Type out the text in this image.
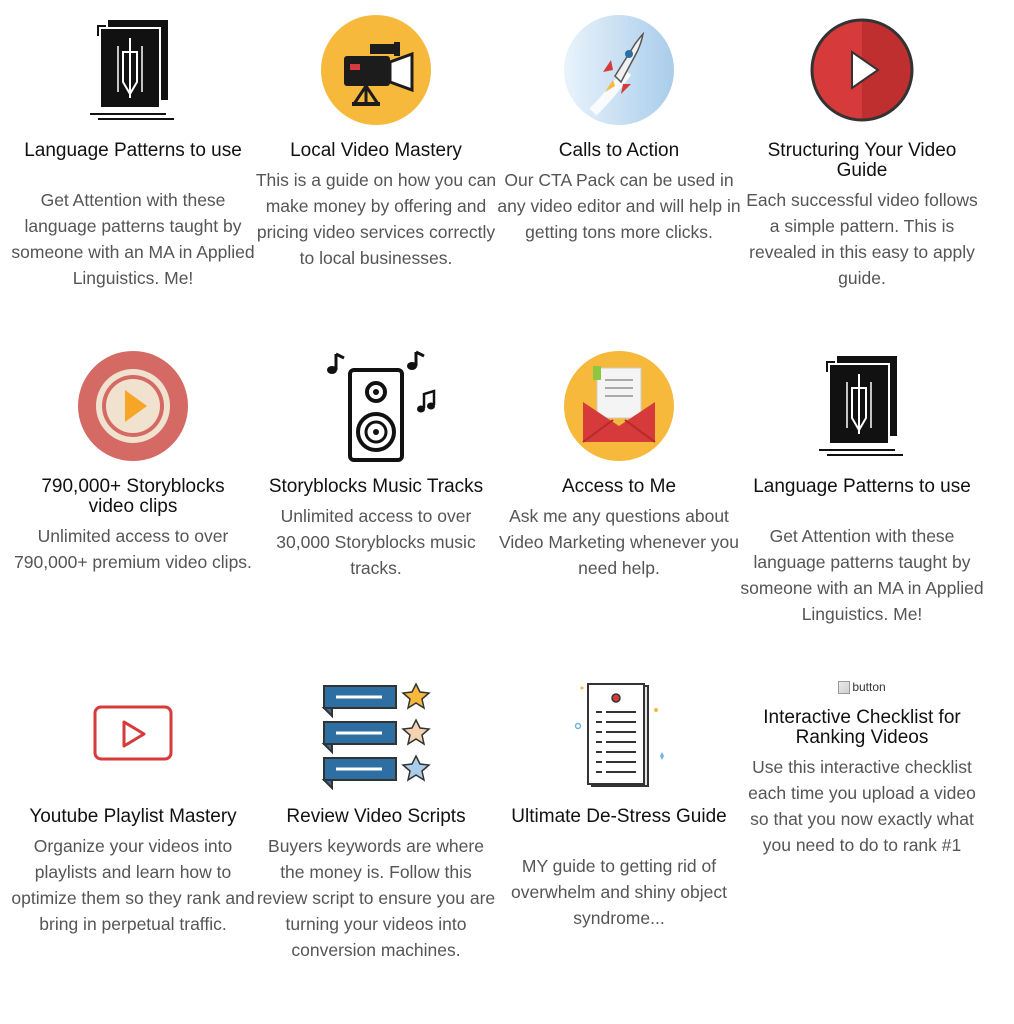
Language Patterns to use
Get Attention with these language patterns taught by someone with an MA in Applied Linguistics. Me!
Local Video Mastery
This is a guide on how you can make money by offering and pricing video services correctly to local businesses.
Calls to Action
Our CTA Pack can be used in any video editor and will help in getting tons more clicks.
Structuring Your Video Guide
Each successful video follows a simple pattern. This is revealed in this easy to apply guide.
790,000+ Storyblocks video clips
Unlimited access to over 790,000+ premium video clips.
Storyblocks Music Tracks
Unlimited access to over 30,000 Storyblocks music tracks.
Access to Me
Ask me any questions about Video Marketing whenever you need help.
Language Patterns to use
Get Attention with these language patterns taught by someone with an MA in Applied Linguistics. Me!
Youtube Playlist Mastery
Organize your videos into playlists and learn how to optimize them so they rank and bring in perpetual traffic.
Review Video Scripts
Buyers keywords are where the money is. Follow this review script to ensure you are turning your videos into conversion machines.
Ultimate De-Stress Guide
MY guide to getting rid of overwhelm and shiny object syndrome...
button
Interactive Checklist for Ranking Videos
Use this interactive checklist each time you upload a video so that you now exactly what you need to do to rank #1
